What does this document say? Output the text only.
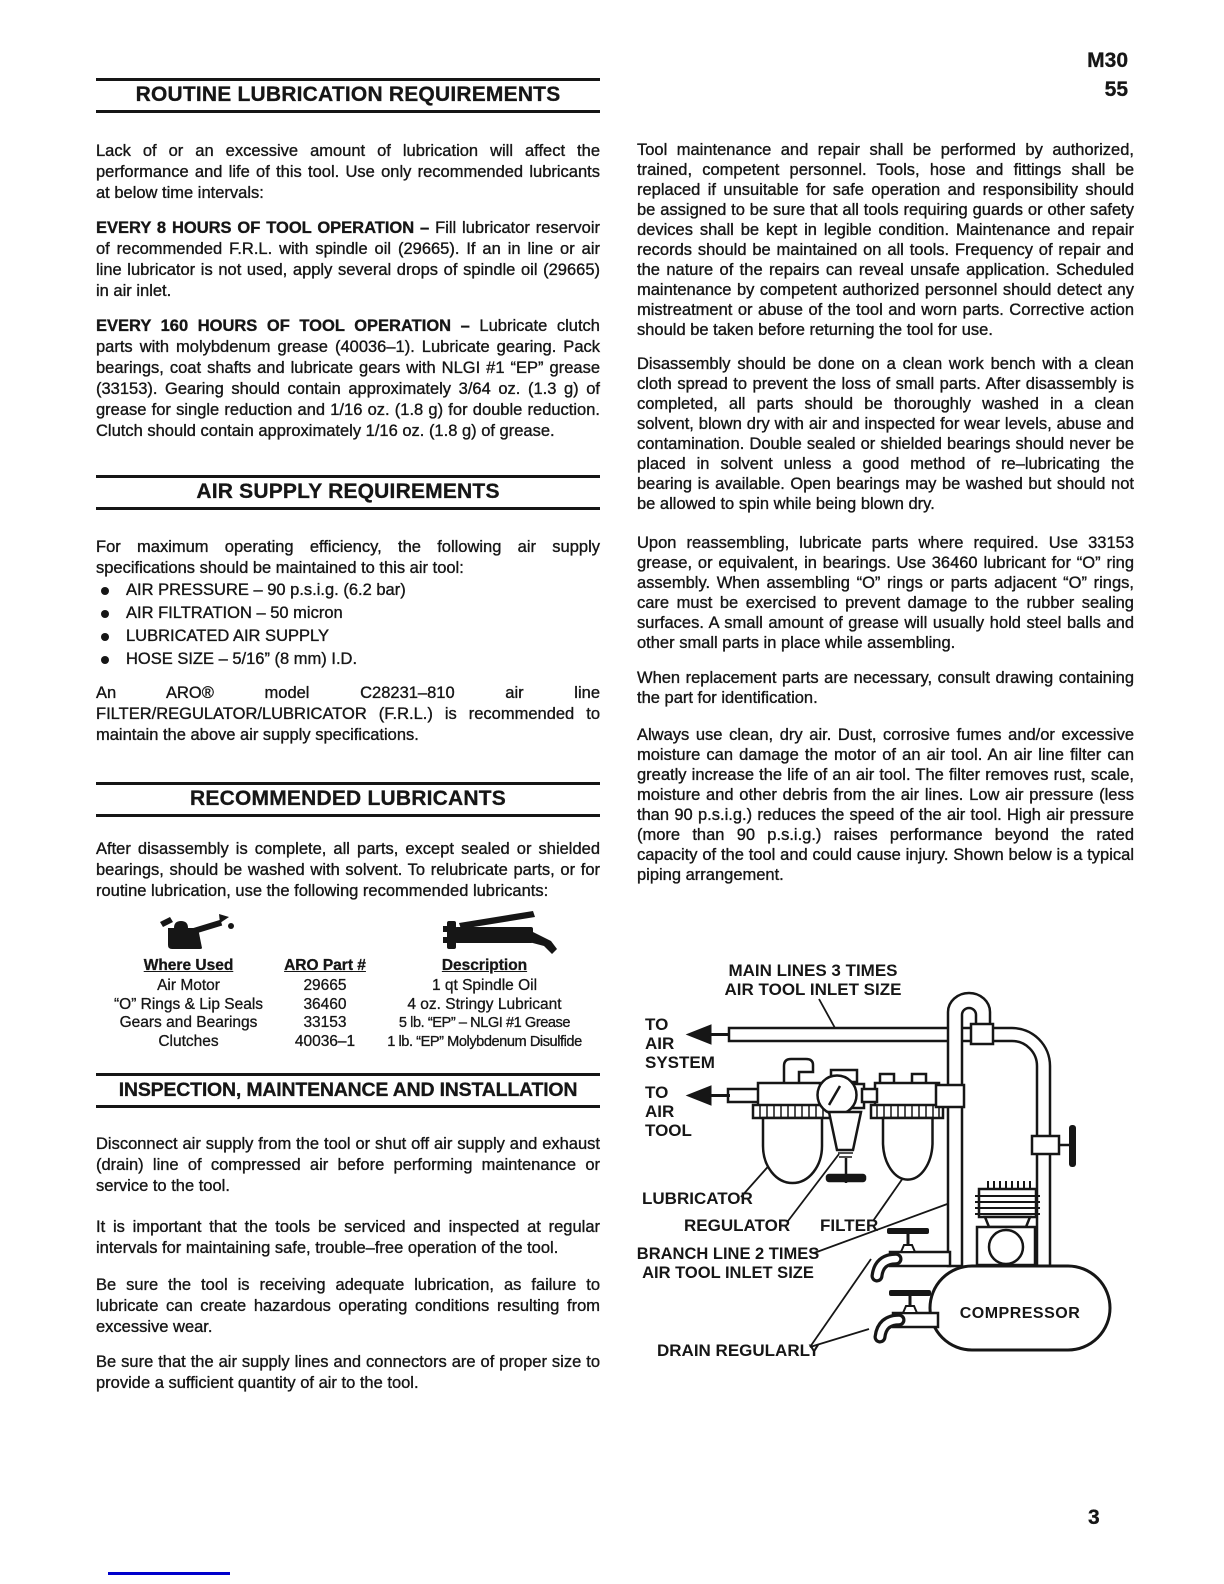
M30
55
ROUTINE LUBRICATION REQUIREMENTS

Lack of or an excessive amount of lubrication will affect the performance and life of this tool. Use only recommended lubricants at below time intervals:

EVERY 8 HOURS OF TOOL OPERATION – Fill lubricator reservoir of recommended F.R.L. with spindle oil (29665). If an in line or air line lubricator is not used, apply several drops of spindle oil (29665) in air inlet.

EVERY 160 HOURS OF TOOL OPERATION – Lubricate clutch parts with molybdenum grease (40036–1). Lubricate gearing. Pack bearings, coat shafts and lubricate gears with NLGI #1 “EP” grease (33153). Gearing should contain approximately 3/64 oz. (1.3 g) of grease for single reduction and 1/16 oz. (1.8 g) for double reduction. Clutch should contain approximately 1/16 oz. (1.8 g) of grease.

AIR SUPPLY REQUIREMENTS

For maximum operating efficiency, the following air supply specifications should be maintained to this air tool:

AIR PRESSURE – 90 p.s.i.g. (6.2 bar)
AIR FILTRATION – 50 micron
LUBRICATED AIR SUPPLY
HOSE SIZE – 5/16” (8 mm) I.D.

An ARO® model C28231–810 air line FILTER/REGULATOR/LUBRICATOR (F.R.L.) is recommended to maintain the above air supply specifications.

RECOMMENDED LUBRICANTS

After disassembly is complete, all parts, except sealed or shielded bearings, should be washed with solvent. To relubricate parts, or for routine lubrication, use the following recommended lubricants:

Where Used	ARO Part #	Description
Air Motor	29665	1 qt Spindle Oil
“O” Rings & Lip Seals	36460	4 oz. Stringy Lubricant
Gears and Bearings	33153	5 lb. “EP” – NLGI #1 Grease
Clutches	40036–1	1 lb. “EP” Molybdenum Disulfide
INSPECTION, MAINTENANCE AND INSTALLATION

Disconnect air supply from the tool or shut off air supply and exhaust (drain) line of compressed air before performing maintenance or service to the tool.

It is important that the tools be serviced and inspected at regular intervals for maintaining safe, trouble–free operation of the tool.

Be sure the tool is receiving adequate lubrication, as failure to lubricate can create hazardous operating conditions resulting from excessive wear.

Be sure that the air supply lines and connectors are of proper size to provide a sufficient quantity of air to the tool.

Tool maintenance and repair shall be performed by authorized, trained, competent personnel. Tools, hose and fittings shall be replaced if unsuitable for safe operation and responsibility should be assigned to be sure that all tools requiring guards or other safety devices shall be kept in legible condition. Maintenance and repair records should be maintained on all tools. Frequency of repair and the nature of the repairs can reveal unsafe application. Scheduled maintenance by competent authorized personnel should detect any mistreatment or abuse of the tool and worn parts. Corrective action should be taken before returning the tool for use.

Disassembly should be done on a clean work bench with a clean cloth spread to prevent the loss of small parts. After disassembly is completed, all parts should be thoroughly washed in a clean solvent, blown dry with air and inspected for wear levels, abuse and contamination. Double sealed or shielded bearings should never be placed in solvent unless a good method of re–lubricating the bearing is available. Open bearings may be washed but should not be allowed to spin while being blown dry.

Upon reassembling, lubricate parts where required. Use 33153 grease, or equivalent, in bearings. Use 36460 lubricant for “O” ring assembly. When assembling “O” rings or parts adjacent “O” rings, care must be exercised to prevent damage to the rubber sealing surfaces. A small amount of grease will usually hold steel balls and other small parts in place while assembling.

When replacement parts are necessary, consult drawing containing the part for identification.

Always use clean, dry air. Dust, corrosive fumes and/or excessive moisture can damage the motor of an air tool. An air line filter can greatly increase the life of an air tool. The filter removes rust, scale, moisture and other debris from the air lines. Low air pressure (less than 90 p.s.i.g.) reduces the speed of the air tool. High air pressure (more than 90 p.s.i.g.) raises performance beyond the rated capacity of the tool and could cause injury. Shown below is a typical piping arrangement.

MAIN LINES 3 TIMES
AIR TOOL INLET SIZE
TO
AIR
SYSTEM
TO
AIR
TOOL
LUBRICATOR
REGULATOR FILTER
BRANCH LINE 2 TIMES
AIR TOOL INLET SIZE
DRAIN REGULARLY
COMPRESSOR
3
